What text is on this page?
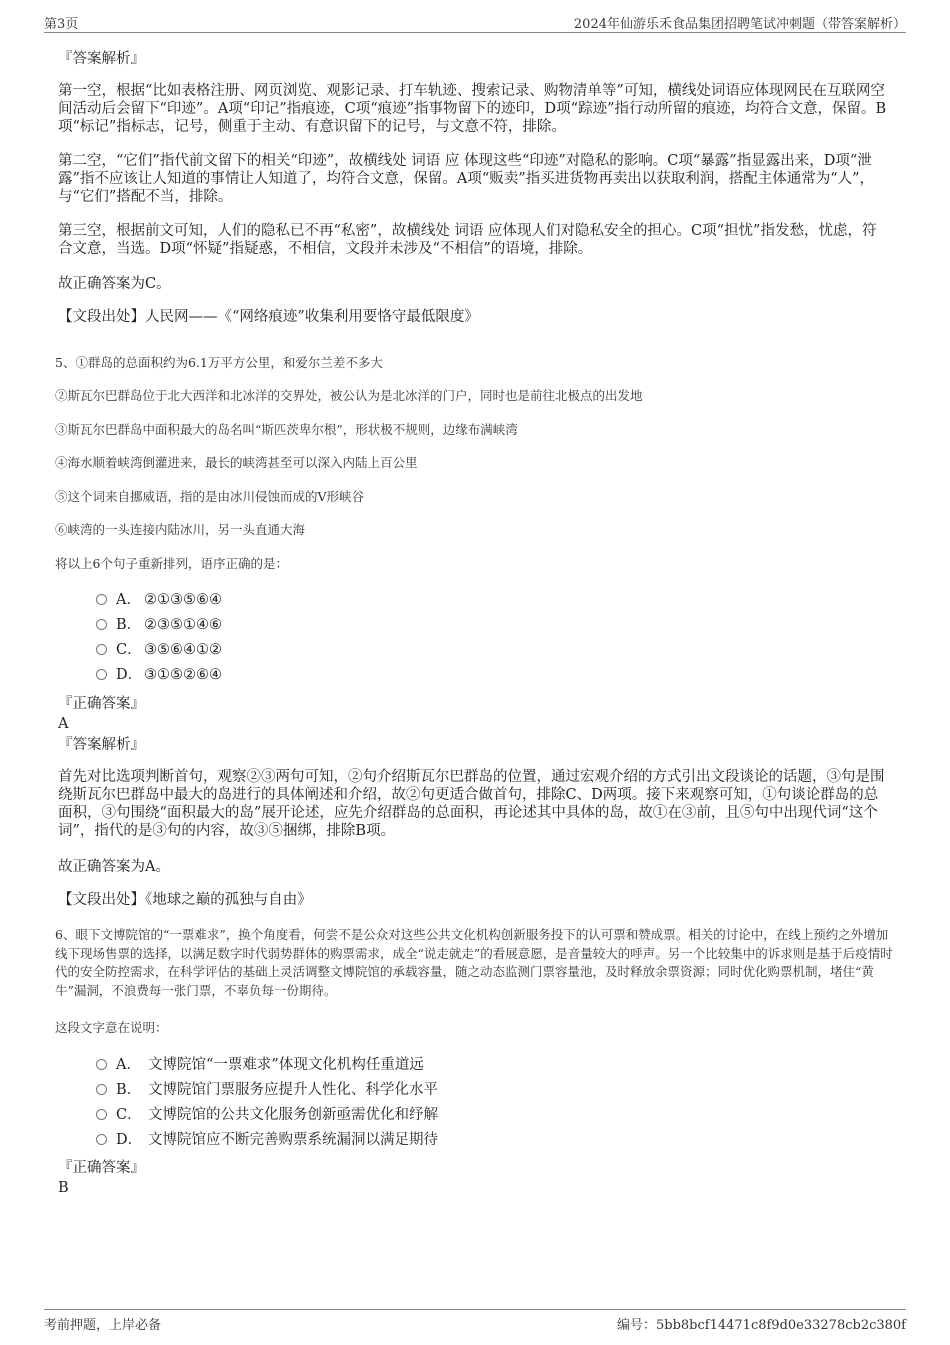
第3页	2024年仙游乐禾食品集团招聘笔试冲刺题（带答案解析）

『答案解析』

第一空，根据“比如表格注册、网页浏览、观影记录、打车轨迹、搜索记录、购物清单等”可知，横线处词语应体现网民在互联网空间活动后会留下“印迹”。A项“印记”指痕迹，C项“痕迹”指事物留下的迹印，D项“踪迹”指行动所留的痕迹，均符合文意，保留。B项“标记”指标志，记号，侧重于主动、有意识留下的记号，与文意不符，排除。

第二空，“它们”指代前文留下的相关“印迹”，故横线处 词语 应 体现这些“印迹”对隐私的影响。C项“暴露”指显露出来，D项“泄露”指不应该让人知道的事情让人知道了，均符合文意，保留。A项“贩卖”指买进货物再卖出以获取利润，搭配主体通常为“人”，与“它们”搭配不当，排除。

第三空，根据前文可知，人们的隐私已不再“私密”，故横线处 词语 应体现人们对隐私安全的担心。C项“担忧”指发愁，忧虑，符合文意，当选。D项“怀疑”指疑惑，不相信，文段并未涉及“不相信”的语境，排除。

故正确答案为C。

【文段出处】人民网——《“网络痕迹”收集利用要恪守最低限度》

5、①群岛的总面积约为6.1万平方公里，和爱尔兰差不多大

②斯瓦尔巴群岛位于北大西洋和北冰洋的交界处，被公认为是北冰洋的门户，同时也是前往北极点的出发地

③斯瓦尔巴群岛中面积最大的岛名叫“斯匹茨卑尔根”，形状极不规则，边缘布满峡湾

④海水顺着峡湾倒灌进来，最长的峡湾甚至可以深入内陆上百公里

⑤这个词来自挪威语，指的是由冰川侵蚀而成的V形峡谷

⑥峡湾的一头连接内陆冰川，另一头直通大海

将以上6个句子重新排列，语序正确的是：

A． ②①③⑤⑥④
B． ②③⑤①④⑥
C． ③⑤⑥④①②
D． ③①⑤②⑥④

『正确答案』

A

『答案解析』

首先对比选项判断首句，观察②③两句可知，②句介绍斯瓦尔巴群岛的位置，通过宏观介绍的方式引出文段谈论的话题，③句是围绕斯瓦尔巴群岛中最大的岛进行的具体阐述和介绍，故②句更适合做首句，排除C、D两项。接下来观察可知，①句谈论群岛的总面积，③句围绕“面积最大的岛”展开论述，应先介绍群岛的总面积，再论述其中具体的岛，故①在③前，且⑤句中出现代词“这个词”，指代的是③句的内容，故③⑤捆绑，排除B项。

故正确答案为A。

【文段出处】《地球之巅的孤独与自由》

6、眼下文博院馆的“一票难求”，换个角度看，何尝不是公众对这些公共文化机构创新服务投下的认可票和赞成票。相关的讨论中，在线上预约之外增加线下现场售票的选择，以满足数字时代弱势群体的购票需求，成全“说走就走”的看展意愿，是音量较大的呼声。另一个比较集中的诉求则是基于后疫情时代的安全防控需求，在科学评估的基础上灵活调整文博院馆的承载容量，随之动态监测门票容量池，及时释放余票资源；同时优化购票机制，堵住“黄牛”漏洞，不浪费每一张门票，不辜负每一份期待。

这段文字意在说明：

A． 文博院馆“一票难求”体现文化机构任重道远
B． 文博院馆门票服务应提升人性化、科学化水平
C． 文博院馆的公共文化服务创新亟需优化和纾解
D． 文博院馆应不断完善购票系统漏洞以满足期待

『正确答案』

B

考前押题，上岸必备	编号：5bb8bcf14471c8f9d0e33278cb2c380f
